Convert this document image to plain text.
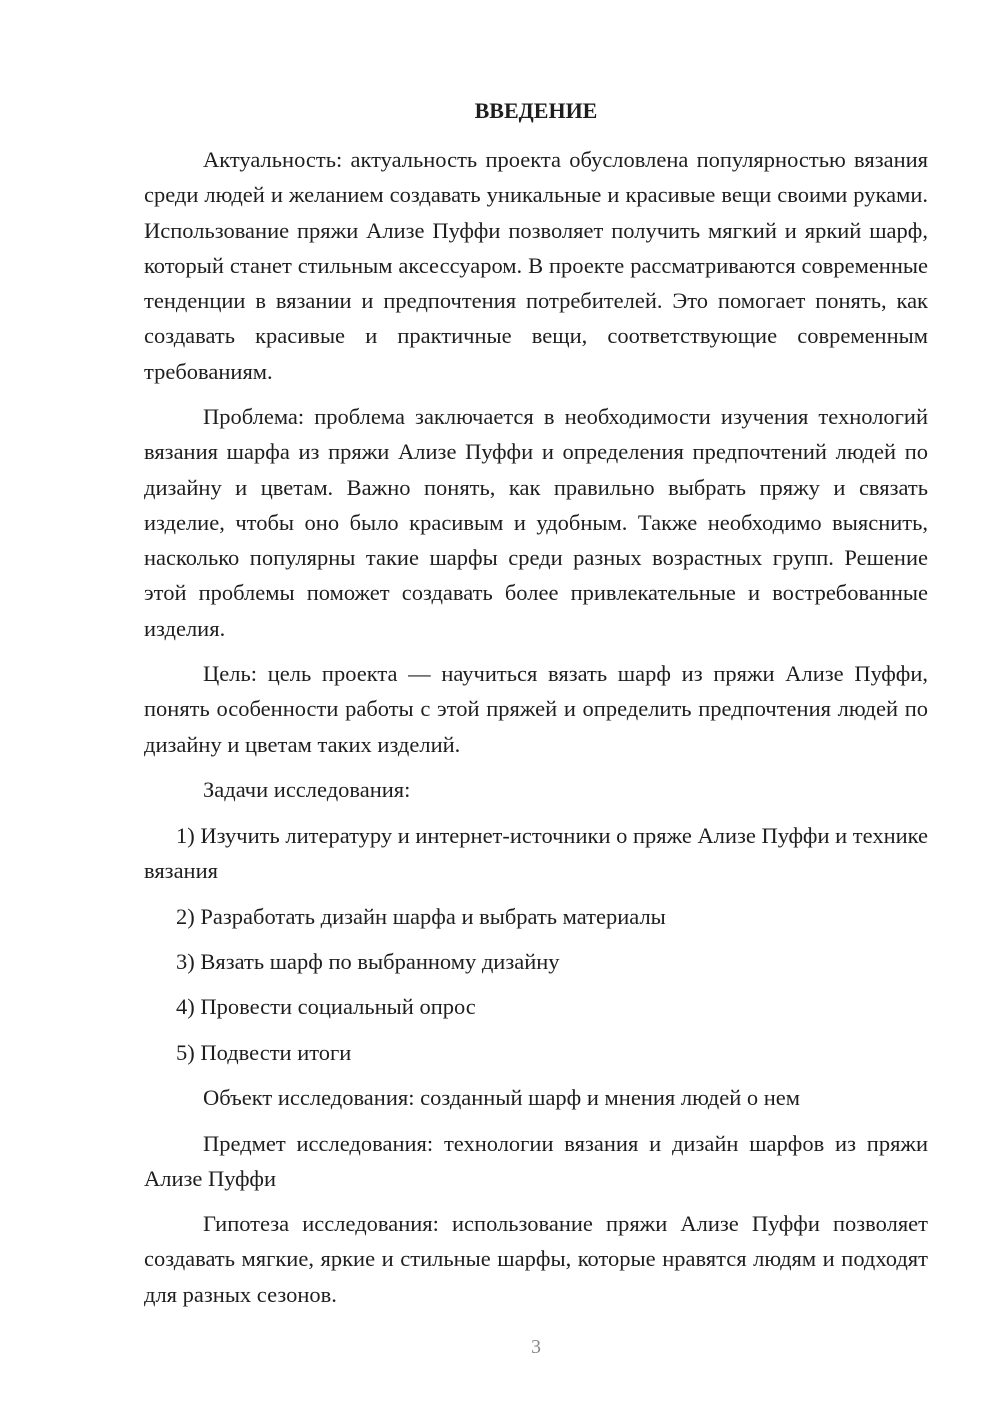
ВВЕДЕНИЕ

Актуальность: актуальность проекта обусловлена популярностью вязания среди людей и желанием создавать уникальные и красивые вещи своими руками. Использование пряжи Ализе Пуффи позволяет получить мягкий и яркий шарф, который станет стильным аксессуаром. В проекте рассматриваются современные тенденции в вязании и предпочтения потребителей. Это помогает понять, как создавать красивые и практичные вещи, соответствующие современным требованиям.

Проблема: проблема заключается в необходимости изучения технологий вязания шарфа из пряжи Ализе Пуффи и определения предпочтений людей по дизайну и цветам. Важно понять, как правильно выбрать пряжу и связать изделие, чтобы оно было красивым и удобным. Также необходимо выяснить, насколько популярны такие шарфы среди разных возрастных групп. Решение этой проблемы поможет создавать более привлекательные и востребованные изделия.

Цель: цель проекта — научиться вязать шарф из пряжи Ализе Пуффи, понять особенности работы с этой пряжей и определить предпочтения людей по дизайну и цветам таких изделий.

Задачи исследования:

1) Изучить литературу и интернет-источники о пряже Ализе Пуффи и технике вязания

2) Разработать дизайн шарфа и выбрать материалы

3) Вязать шарф по выбранному дизайну

4) Провести социальный опрос

5) Подвести итоги

Объект исследования: созданный шарф и мнения людей о нем

Предмет исследования: технологии вязания и дизайн шарфов из пряжи Ализе Пуффи

Гипотеза исследования: использование пряжи Ализе Пуффи позволяет создавать мягкие, яркие и стильные шарфы, которые нравятся людям и подходят для разных сезонов.

3
